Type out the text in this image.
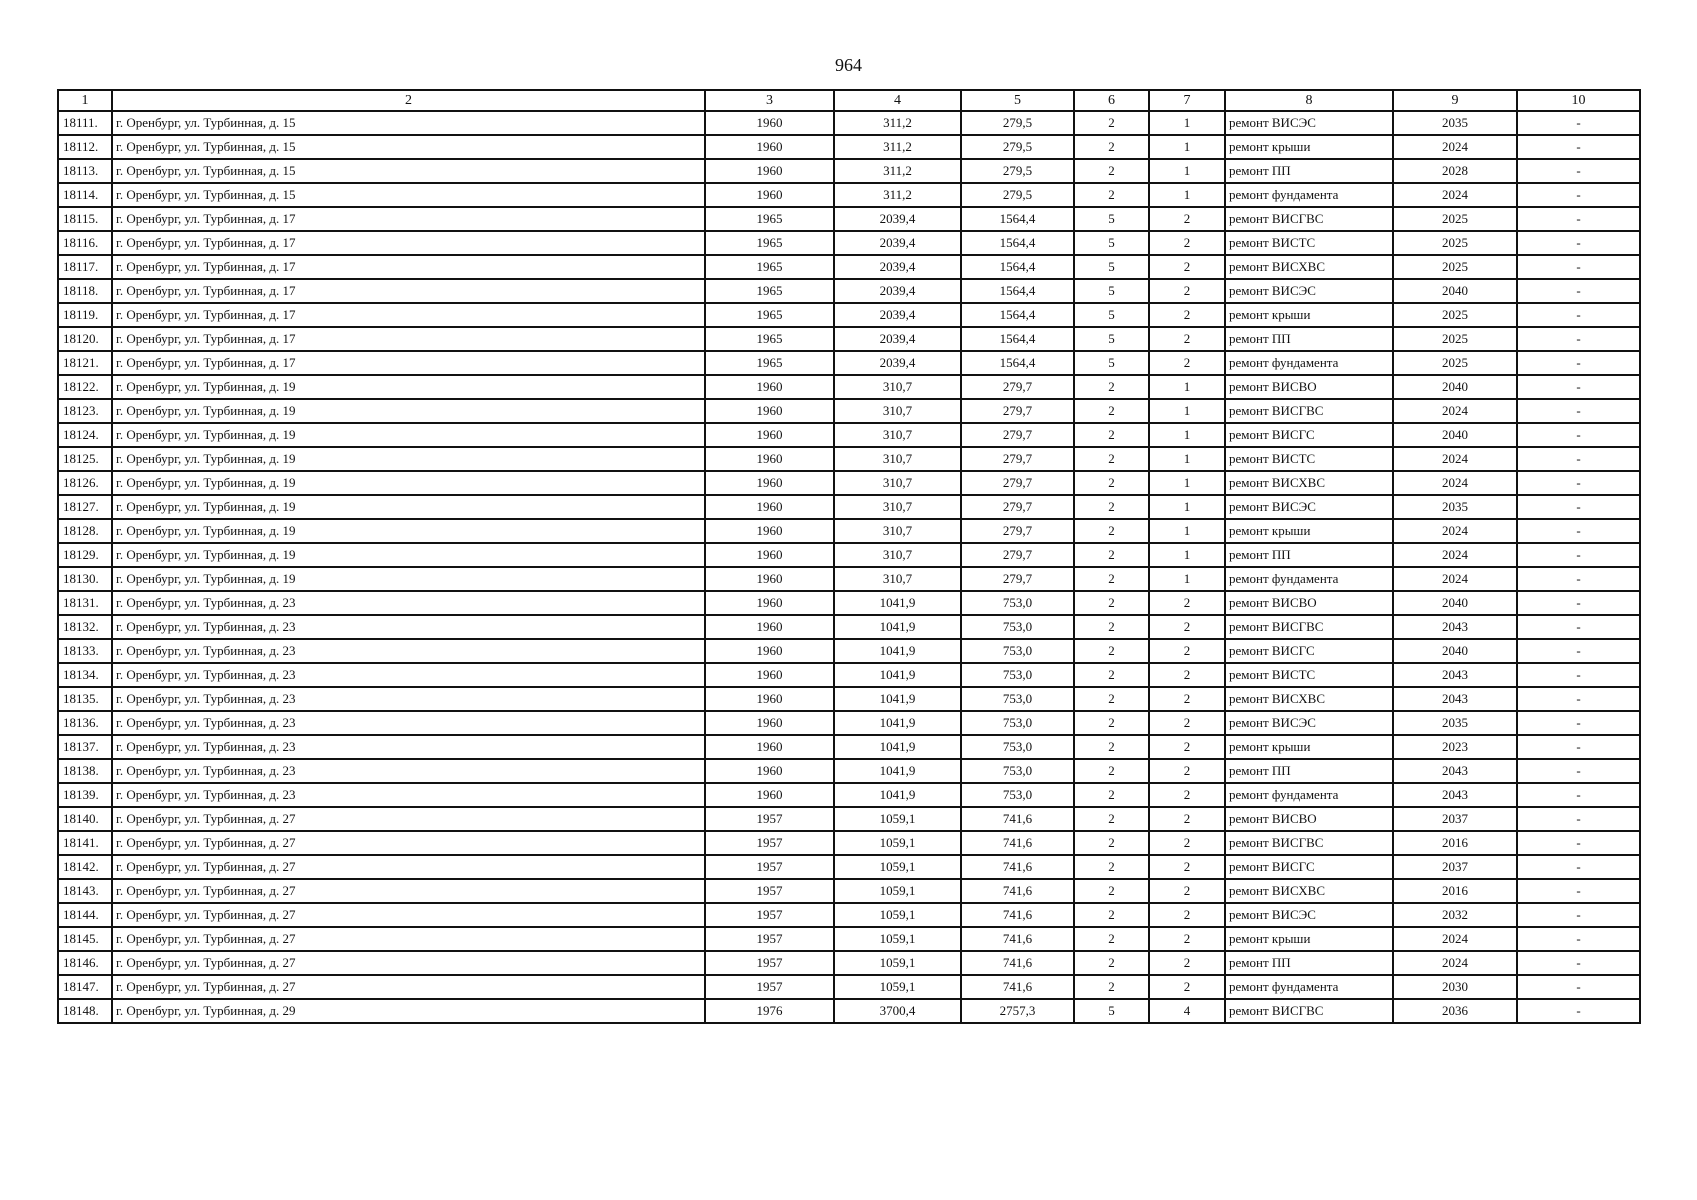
964
1	2	3	4	5	6	7	8	9	10
18111.	г. Оренбург, ул. Турбинная, д. 15	1960	311,2	279,5	2	1	ремонт ВИСЭС	2035	-
18112.	г. Оренбург, ул. Турбинная, д. 15	1960	311,2	279,5	2	1	ремонт крыши	2024	-
18113.	г. Оренбург, ул. Турбинная, д. 15	1960	311,2	279,5	2	1	ремонт ПП	2028	-
18114.	г. Оренбург, ул. Турбинная, д. 15	1960	311,2	279,5	2	1	ремонт фундамента	2024	-
18115.	г. Оренбург, ул. Турбинная, д. 17	1965	2039,4	1564,4	5	2	ремонт ВИСГВС	2025	-
18116.	г. Оренбург, ул. Турбинная, д. 17	1965	2039,4	1564,4	5	2	ремонт ВИСТС	2025	-
18117.	г. Оренбург, ул. Турбинная, д. 17	1965	2039,4	1564,4	5	2	ремонт ВИСХВС	2025	-
18118.	г. Оренбург, ул. Турбинная, д. 17	1965	2039,4	1564,4	5	2	ремонт ВИСЭС	2040	-
18119.	г. Оренбург, ул. Турбинная, д. 17	1965	2039,4	1564,4	5	2	ремонт крыши	2025	-
18120.	г. Оренбург, ул. Турбинная, д. 17	1965	2039,4	1564,4	5	2	ремонт ПП	2025	-
18121.	г. Оренбург, ул. Турбинная, д. 17	1965	2039,4	1564,4	5	2	ремонт фундамента	2025	-
18122.	г. Оренбург, ул. Турбинная, д. 19	1960	310,7	279,7	2	1	ремонт ВИСВО	2040	-
18123.	г. Оренбург, ул. Турбинная, д. 19	1960	310,7	279,7	2	1	ремонт ВИСГВС	2024	-
18124.	г. Оренбург, ул. Турбинная, д. 19	1960	310,7	279,7	2	1	ремонт ВИСГС	2040	-
18125.	г. Оренбург, ул. Турбинная, д. 19	1960	310,7	279,7	2	1	ремонт ВИСТС	2024	-
18126.	г. Оренбург, ул. Турбинная, д. 19	1960	310,7	279,7	2	1	ремонт ВИСХВС	2024	-
18127.	г. Оренбург, ул. Турбинная, д. 19	1960	310,7	279,7	2	1	ремонт ВИСЭС	2035	-
18128.	г. Оренбург, ул. Турбинная, д. 19	1960	310,7	279,7	2	1	ремонт крыши	2024	-
18129.	г. Оренбург, ул. Турбинная, д. 19	1960	310,7	279,7	2	1	ремонт ПП	2024	-
18130.	г. Оренбург, ул. Турбинная, д. 19	1960	310,7	279,7	2	1	ремонт фундамента	2024	-
18131.	г. Оренбург, ул. Турбинная, д. 23	1960	1041,9	753,0	2	2	ремонт ВИСВО	2040	-
18132.	г. Оренбург, ул. Турбинная, д. 23	1960	1041,9	753,0	2	2	ремонт ВИСГВС	2043	-
18133.	г. Оренбург, ул. Турбинная, д. 23	1960	1041,9	753,0	2	2	ремонт ВИСГС	2040	-
18134.	г. Оренбург, ул. Турбинная, д. 23	1960	1041,9	753,0	2	2	ремонт ВИСТС	2043	-
18135.	г. Оренбург, ул. Турбинная, д. 23	1960	1041,9	753,0	2	2	ремонт ВИСХВС	2043	-
18136.	г. Оренбург, ул. Турбинная, д. 23	1960	1041,9	753,0	2	2	ремонт ВИСЭС	2035	-
18137.	г. Оренбург, ул. Турбинная, д. 23	1960	1041,9	753,0	2	2	ремонт крыши	2023	-
18138.	г. Оренбург, ул. Турбинная, д. 23	1960	1041,9	753,0	2	2	ремонт ПП	2043	-
18139.	г. Оренбург, ул. Турбинная, д. 23	1960	1041,9	753,0	2	2	ремонт фундамента	2043	-
18140.	г. Оренбург, ул. Турбинная, д. 27	1957	1059,1	741,6	2	2	ремонт ВИСВО	2037	-
18141.	г. Оренбург, ул. Турбинная, д. 27	1957	1059,1	741,6	2	2	ремонт ВИСГВС	2016	-
18142.	г. Оренбург, ул. Турбинная, д. 27	1957	1059,1	741,6	2	2	ремонт ВИСГС	2037	-
18143.	г. Оренбург, ул. Турбинная, д. 27	1957	1059,1	741,6	2	2	ремонт ВИСХВС	2016	-
18144.	г. Оренбург, ул. Турбинная, д. 27	1957	1059,1	741,6	2	2	ремонт ВИСЭС	2032	-
18145.	г. Оренбург, ул. Турбинная, д. 27	1957	1059,1	741,6	2	2	ремонт крыши	2024	-
18146.	г. Оренбург, ул. Турбинная, д. 27	1957	1059,1	741,6	2	2	ремонт ПП	2024	-
18147.	г. Оренбург, ул. Турбинная, д. 27	1957	1059,1	741,6	2	2	ремонт фундамента	2030	-
18148.	г. Оренбург, ул. Турбинная, д. 29	1976	3700,4	2757,3	5	4	ремонт ВИСГВС	2036	-
